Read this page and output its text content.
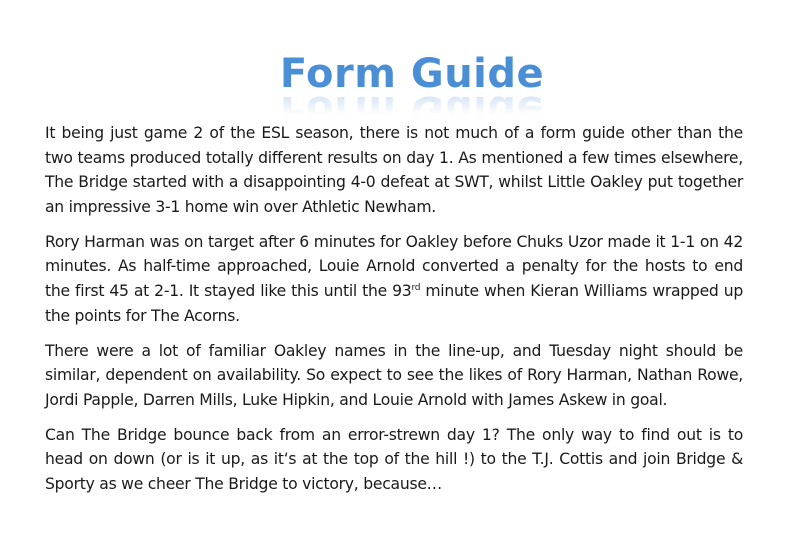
Form Guide

It being just game 2 of the ESL season, there is not much of a form guide other than the two teams produced totally different results on day 1. As mentioned a few times elsewhere, The Bridge started with a disappointing 4-0 defeat at SWT, whilst Little Oakley put together an impressive 3-1 home win over Athletic Newham.

Rory Harman was on target after 6 minutes for Oakley before Chuks Uzor made it 1-1 on 42 minutes. As half-time approached, Louie Arnold converted a penalty for the hosts to end the first 45 at 2-1. It stayed like this until the 93rd minute when Kieran Williams wrapped up the points for The Acorns.

There were a lot of familiar Oakley names in the line-up, and Tuesday night should be similar, dependent on availability. So expect to see the likes of Rory Harman, Nathan Rowe, Jordi Papple, Darren Mills, Luke Hipkin, and Louie Arnold with James Askew in goal.

Can The Bridge bounce back from an error-strewn day 1? The only way to find out is to head on down (or is it up, as it‘s at the top of the hill !) to the T.J. Cottis and join Bridge & Sporty as we cheer The Bridge to victory, because…
